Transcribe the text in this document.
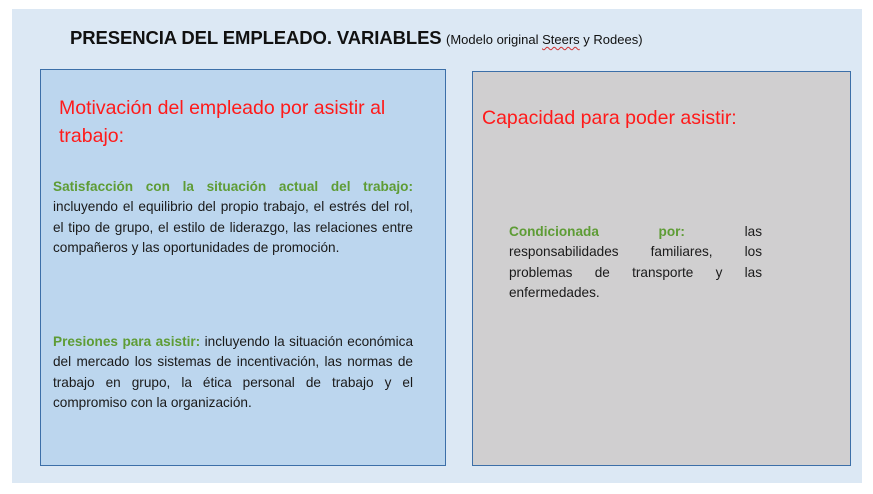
PRESENCIA DEL EMPLEADO. VARIABLES (Modelo original Steers y Rodees)
Motivación del empleado por asistir al trabajo:
Satisfacción con la situación actual del trabajo: incluyendo el equilibrio del propio trabajo, el estrés del rol, el tipo de grupo, el estilo de liderazgo, las relaciones entre compañeros y las oportunidades de promoción.
Presiones para asistir: incluyendo la situación económica del mercado los sistemas de incentivación, las normas de trabajo en grupo, la ética personal de trabajo y el compromiso con la organización.
Capacidad para poder asistir:
Condicionada por: las responsabilidades familiares, los problemas de transporte y las enfermedades.
